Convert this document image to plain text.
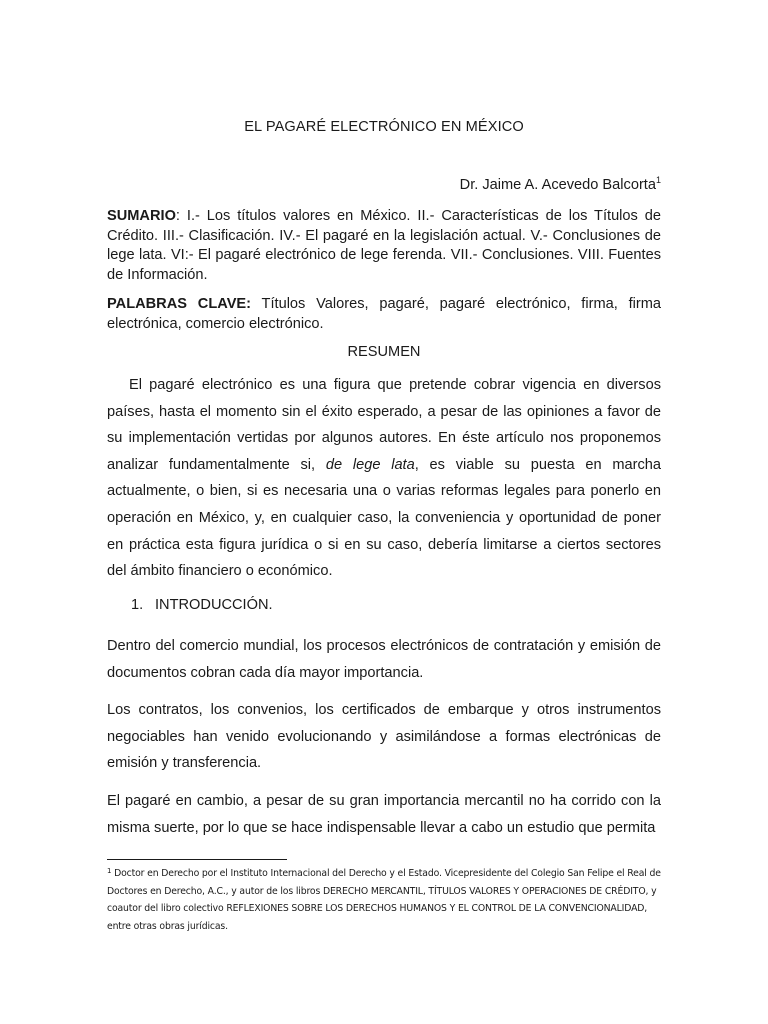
EL PAGARÉ ELECTRÓNICO EN MÉXICO
Dr. Jaime A. Acevedo Balcorta$^1$
SUMARIO: I.- Los títulos valores en México. II.- Características de los Títulos de Crédito. III.- Clasificación. IV.- El pagaré en la legislación actual. V.- Conclusiones de lege lata. VI:- El pagaré electrónico de lege ferenda. VII.- Conclusiones. VIII. Fuentes de Información.
PALABRAS CLAVE: Títulos Valores, pagaré, pagaré electrónico, firma, firma electrónica, comercio electrónico.
RESUMEN
El pagaré electrónico es una figura que pretende cobrar vigencia en diversos países, hasta el momento sin el éxito esperado, a pesar de las opiniones a favor de su implementación vertidas por algunos autores. En éste artículo nos proponemos analizar fundamentalmente si, de lege lata, es viable su puesta en marcha actualmente, o bien, si es necesaria una o varias reformas legales para ponerlo en operación en México, y, en cualquier caso, la conveniencia y oportunidad de poner en práctica esta figura jurídica o si en su caso, debería limitarse a ciertos sectores del ámbito financiero o económico.
1. INTRODUCCIÓN.
Dentro del comercio mundial, los procesos electrónicos de contratación y emisión de documentos cobran cada día mayor importancia.
Los contratos, los convenios, los certificados de embarque y otros instrumentos negociables han venido evolucionando y asimilándose a formas electrónicas de emisión y transferencia.
El pagaré en cambio, a pesar de su gran importancia mercantil no ha corrido con la misma suerte, por lo que se hace indispensable llevar a cabo un estudio que permita
$^1$ Doctor en Derecho por el Instituto Internacional del Derecho y el Estado. Vicepresidente del Colegio San Felipe el Real de Doctores en Derecho, A.C., y autor de los libros DERECHO MERCANTIL, TÍTULOS VALORES Y OPERACIONES DE CRÉDITO, y coautor del libro colectivo REFLEXIONES SOBRE LOS DERECHOS HUMANOS Y EL CONTROL DE LA CONVENCIONALIDAD, entre otras obras jurídicas.
